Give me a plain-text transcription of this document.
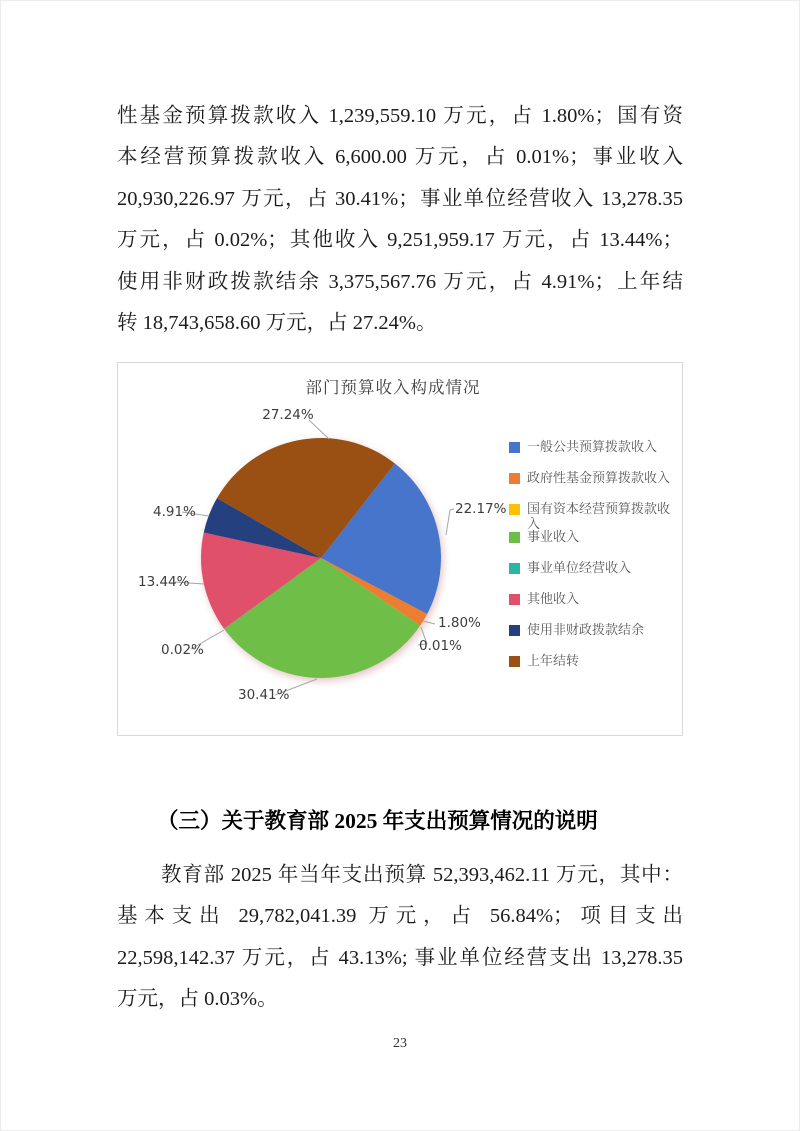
性基金预算拨款收入 1,239,559.10 万元，占 1.80%；国有资
本经营预算拨款收入 6,600.00 万元，占 0.01%；事业收入
20,930,226.97 万元，占 30.41%；事业单位经营收入 13,278.35
万元，占 0.02%；其他收入 9,251,959.17 万元，占 13.44%；
使用非财政拨款结余 3,375,567.76 万元，占 4.91%；上年结
转 18,743,658.60 万元，占 27.24%。
部门预算收入构成情况
27.24%
22.17%
4.91%
13.44%
0.02%
30.41%
1.80%
0.01%
一般公共预算拨款收入
政府性基金预算拨款收入
国有资本经营预算拨款收入
事业收入
事业单位经营收入
其他收入
使用非财政拨款结余
上年结转
（三）关于教育部 2025 年支出预算情况的说明
教育部 2025 年当年支出预算 52,393,462.11 万元，其中：
基本支出 29,782,041.39 万元，占 56.84%；项目支出
22,598,142.37 万元，占 43.13%; 事业单位经营支出 13,278.35
万元，占 0.03%。
23
